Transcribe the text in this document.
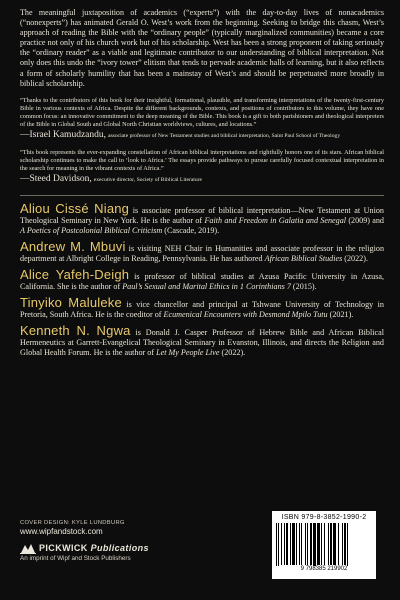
The meaningful juxtaposition of academics (“experts”) with the day-to-day lives of nonacademics (“nonexperts”) has animated Gerald O. West’s work from the beginning. Seeking to bridge this chasm, West’s approach of reading the Bible with the “ordinary people” (typically marginalized communities) became a core practice not only of his church work but of his scholarship. West has been a strong proponent of taking seriously the “ordinary reader” as a viable and legitimate contributor to our understanding of biblical interpretation. Not only does this undo the “ivory tower” elitism that tends to pervade academic halls of learning, but it also reflects a form of scholarly humility that has been a mainstay of West’s and should be perpetuated more broadly in biblical scholarship.

“Thanks to the contributors of this book for their insightful, formational, plausible, and transforming interpretations of the twenty-first-century Bible in various contexts of Africa. Despite the different backgrounds, contexts, and positions of contributors to this volume, they have one common focus: an innovative commitment to the deep meaning of the Bible. This book is a gift to both parishioners and theological interpreters of the Bible in Global South and Global North Christian worldviews, cultures, and locations.”

—Israel Kamudzandu, associate professor of New Testament studies and biblical interpretation, Saint Paul School of Theology

“This book represents the ever-expanding constellation of African biblical interpretations and rightfully honors one of its stars. African biblical scholarship continues to make the call to ‘look to Africa.’ The essays provide pathways to pursue carefully focused contextual interpretation in the search for meaning in the vibrant contexts of Africa.”

—Steed Davidson, executive director, Society of Biblical Literature

Aliou Cissé Niang is associate professor of biblical interpretation—New Testament at Union Theological Seminary in New York. He is the author of Faith and Freedom in Galatia and Senegal (2009) and A Poetics of Postcolonial Biblical Criticism (Cascade, 2019).

Andrew M. Mbuvi is visiting NEH Chair in Humanities and associate professor in the religion department at Albright College in Reading, Pennsylvania. He has authored African Biblical Studies (2022).

Alice Yafeh-Deigh is professor of biblical studies at Azusa Pacific University in Azusa, California. She is the author of Paul’s Sexual and Marital Ethics in 1 Corinthians 7 (2015).

Tinyiko Maluleke is vice chancellor and principal at Tshwane University of Technology in Pretoria, South Africa. He is the coeditor of Ecumenical Encounters with Desmond Mpilo Tutu (2021).

Kenneth N. Ngwa is Donald J. Casper Professor of Hebrew Bible and African Biblical Hermeneutics at Garrett-Evangelical Theological Seminary in Evanston, Illinois, and directs the Religion and Global Health Forum. He is the author of Let My People Live (2022).

COVER DESIGN: KYLE LUNDBURG
www.wipfandstock.com
PICKWICK Publications
An imprint of Wipf and Stock Publishers
ISBN 979-8-3852-1990-2
9 798385 219902
